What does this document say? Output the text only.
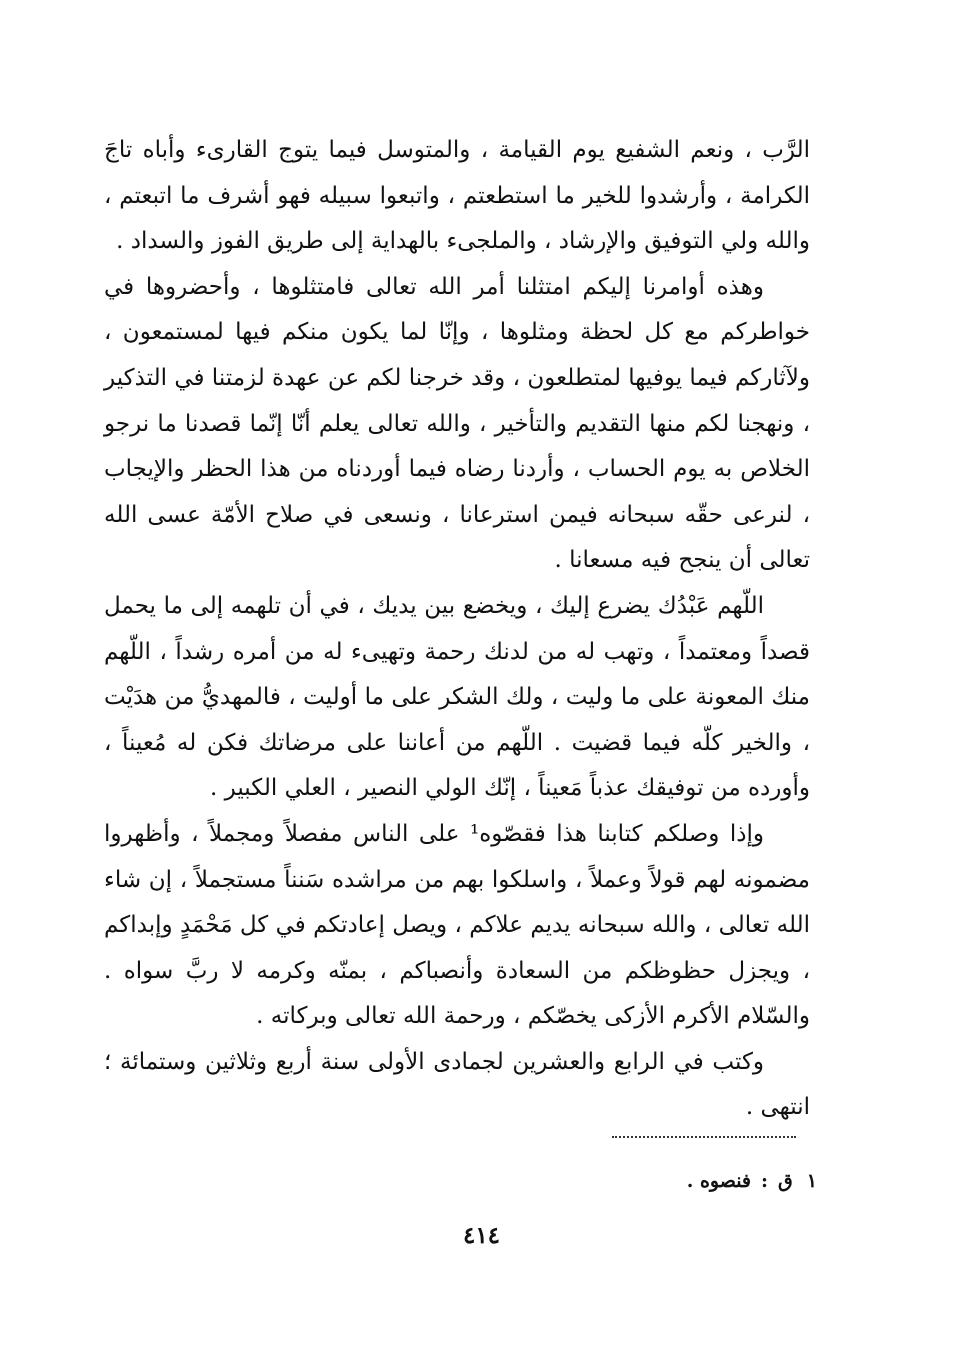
الرَّب ، ونعم الشفيع يوم القيامة ، والمتوسل فيما يتوج القارىء وأباه تاجَ الكرامة ، وأرشدوا للخير ما استطعتم ، واتبعوا سبيله فهو أشرف ما اتبعتم ، والله ولي التوفيق والإرشاد ، والملجىء بالهداية إلى طريق الفوز والسداد .

وهذه أوامرنا إليكم امتثلنا أمر الله تعالى فامتثلوها ، وأحضروها في خواطركم مع كل لحظة ومثلوها ، وإنّا لما يكون منكم فيها لمستمعون ، ولآثاركم فيما يوفيها لمتطلعون ، وقد خرجنا لكم عن عهدة لزمتنا في التذكير ، ونهجنا لكم منها التقديم والتأخير ، والله تعالى يعلم أنّا إنّما قصدنا ما نرجو الخلاص به يوم الحساب ، وأردنا رضاه فيما أوردناه من هذا الحظر والإيجاب ، لنرعى حقّه سبحانه فيمن استرعانا ، ونسعى في صلاح الأمّة عسى الله تعالى أن ينجح فيه مسعانا .

اللّهم عَبْدُك يضرع إليك ، ويخضع بين يديك ، في أن تلهمه إلى ما يحمل قصداً ومعتمداً ، وتهب له من لدنك رحمة وتهيىء له من أمره رشداً ، اللّهم منك المعونة على ما وليت ، ولك الشكر على ما أوليت ، فالمهديُّ من هدَيْت ، والخير كلّه فيما قضيت . اللّهم من أعاننا على مرضاتك فكن له مُعيناً ، وأورده من توفيقك عذباً مَعيناً ، إنّك الولي النصير ، العلي الكبير .

وإذا وصلكم كتابنا هذا فقصّوه¹ على الناس مفصلاً ومجملاً ، وأظهروا مضمونه لهم قولاً وعملاً ، واسلكوا بهم من مراشده سَنناً مستجملاً ، إن شاء الله تعالى ، والله سبحانه يديم علاكم ، ويصل إعادتكم في كل مَحْمَدٍ وإبداكم ، ويجزل حظوظكم من السعادة وأنصباكم ، بمنّه وكرمه لا ربَّ سواه . والسّلام الأكرم الأزكى يخصّكم ، ورحمة الله تعالى وبركاته .

وكتب في الرابع والعشرين لجمادى الأولى سنة أربع وثلاثين وستمائة ؛ انتهى .

١ق:فنصوه .
٤١٤
